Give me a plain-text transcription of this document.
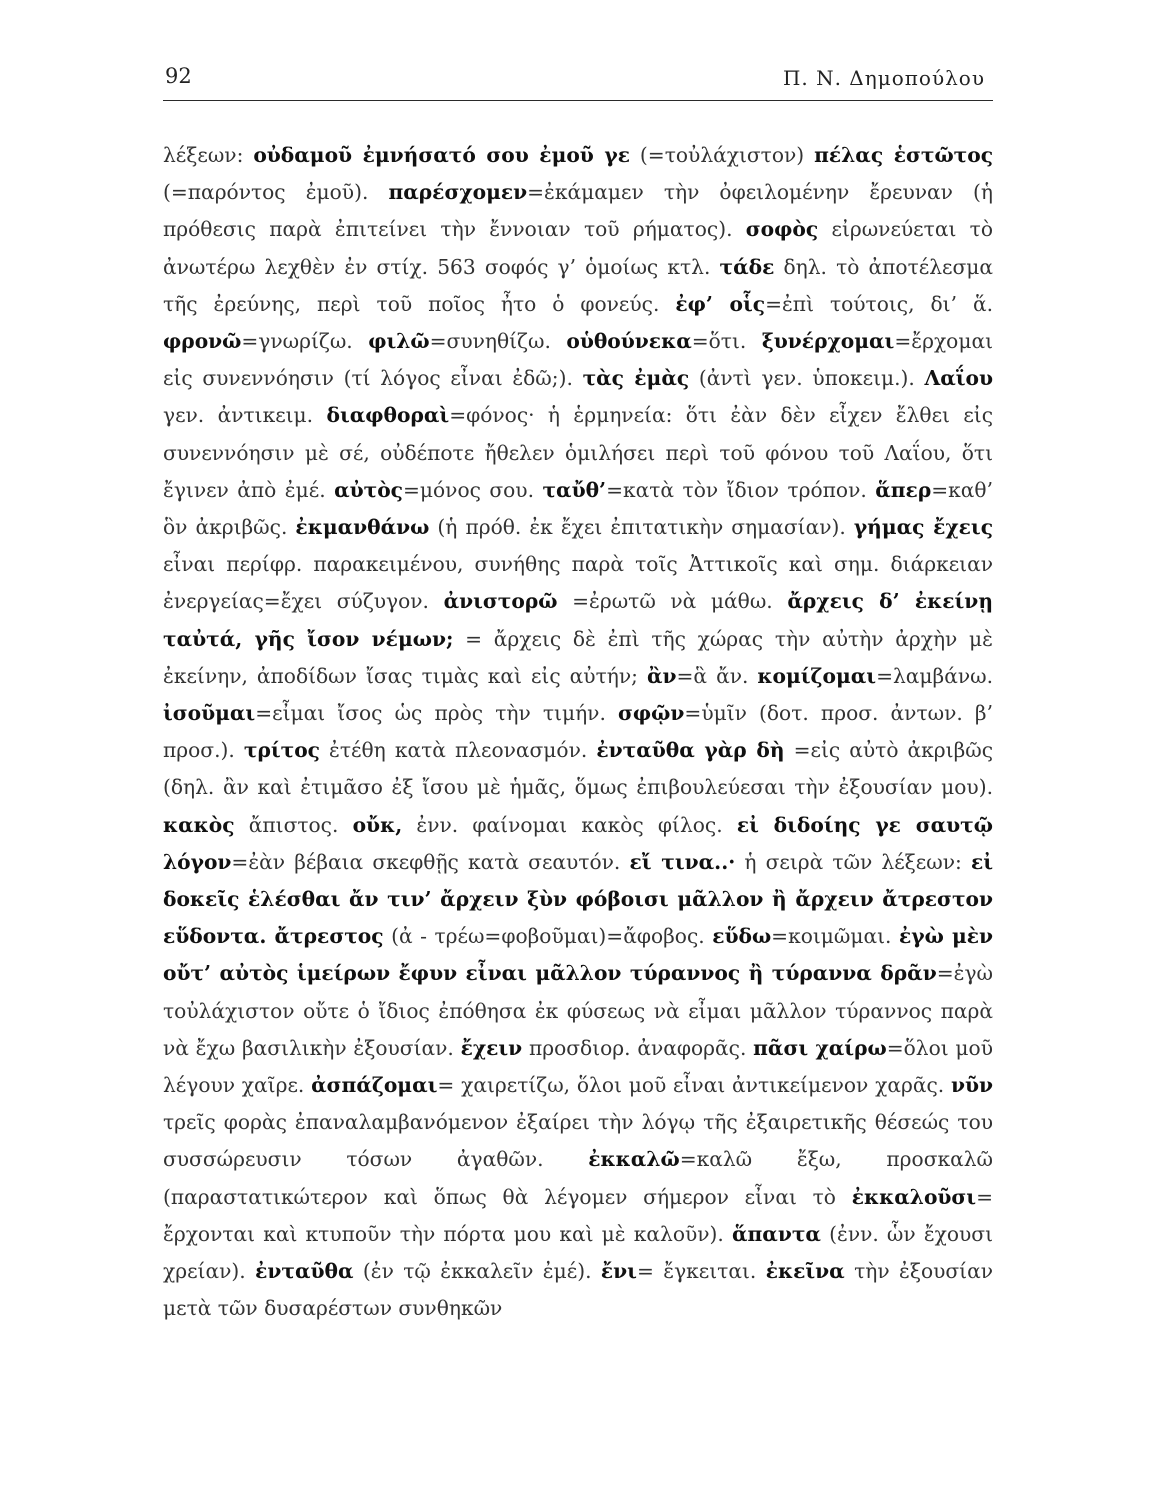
92	Π. Ν. Δημοπούλου
λέξεων: οὐδαμοῦ ἐμνήσατό σου ἐμοῦ γε (=τοὐλάχιστον) πέλας ἑστῶτος (=παρόντος ἐμοῦ). παρέσχομεν=ἐκάμαμεν τὴν ὀφειλομένην ἔρευναν (ἡ πρόθεσις παρὰ ἐπιτείνει τὴν ἔννοιαν τοῦ ρήματος). σοφὸς εἰρωνεύεται τὸ ἀνωτέρω λεχθὲν ἐν στίχ. 563 σοφός γ’ ὁμοίως κτλ. τάδε δηλ. τὸ ἀποτέλεσμα τῆς ἐρεύνης, περὶ τοῦ ποῖος ἦτο ὁ φονεύς. ἐφ’ οἷς=ἐπὶ τούτοις, δι’ ἅ. φρονῶ=γνωρίζω. φιλῶ=συνηθίζω. οὑθούνεκα=ὅτι. ξυνέρχομαι=ἔρχομαι εἰς συνεννόησιν (τί λόγος εἶναι ἐδῶ;). τὰς ἐμὰς (ἀντὶ γεν. ὑποκειμ.). Λαΐου γεν. ἀντικειμ. διαφθοραὶ=φόνος· ἡ ἑρμηνεία: ὅτι ἐὰν δὲν εἶχεν ἔλθει εἰς συνεννόησιν μὲ σέ, οὐδέποτε ἤθελεν ὁμιλήσει περὶ τοῦ φόνου τοῦ Λαΐου, ὅτι ἔγινεν ἀπὸ ἐμέ. αὐτὸς=μόνος σου. ταὔθ’=κατὰ τὸν ἴδιον τρόπον. ἅπερ=καθ’ ὃν ἀκριβῶς. ἐκμανθάνω (ἡ πρόθ. ἐκ ἔχει ἐπιτατικὴν σημασίαν). γήμας ἔχεις εἶναι περίφρ. παρακειμένου, συνήθης παρὰ τοῖς Ἀττικοῖς καὶ σημ. διάρκειαν ἐνεργείας=ἔχει σύζυγον. ἀνιστορῶ =ἐρωτῶ νὰ μάθω. ἄρχεις δ’ ἐκείνῃ ταὐτά, γῆς ἴσον νέμων; = ἄρχεις δὲ ἐπὶ τῆς χώρας τὴν αὐτὴν ἀρχὴν μὲ ἐκείνην, ἀποδίδων ἴσας τιμὰς καὶ εἰς αὐτήν; ἂν=ἃ ἄν. κομίζομαι=λαμβάνω. ἰσοῦμαι=εἶμαι ἴσος ὡς πρὸς τὴν τιμήν. σφῷν=ὑμῖν (δοτ. προσ. ἀντων. β’ προσ.). τρίτος ἐτέθη κατὰ πλεονασμόν. ἐνταῦθα γὰρ δὴ =εἰς αὐτὸ ἀκριβῶς (δηλ. ἂν καὶ ἐτιμᾶσο ἐξ ἴσου μὲ ἡμᾶς, ὅμως ἐπιβουλεύεσαι τὴν ἐξουσίαν μου). κακὸς ἄπιστος. οὔκ, ἐνν. φαίνομαι κακὸς φίλος. εἰ διδοίης γε σαυτῷ λόγον=ἐὰν βέβαια σκεφθῇς κατὰ σεαυτόν. εἴ τινα..· ἡ σειρὰ τῶν λέξεων: εἰ δοκεῖς ἑλέσθαι ἄν τιν’ ἄρχειν ξὺν φόβοισι μᾶλλον ἢ ἄρχειν ἄτρεστον εὕδοντα. ἄτρεστος (ἀ - τρέω=φοβοῦμαι)=ἄφοβος. εὕδω=κοιμῶμαι. ἐγὼ μὲν οὔτ’ αὐτὸς ἱμείρων ἔφυν εἶναι μᾶλλον τύραννος ἢ τύραννα δρᾶν=ἐγὼ τοὐλάχιστον οὔτε ὁ ἴδιος ἐπόθησα ἐκ φύσεως νὰ εἶμαι μᾶλλον τύραννος παρὰ νὰ ἔχω βασιλικὴν ἐξουσίαν. ἔχειν προσδιορ. ἀναφορᾶς. πᾶσι χαίρω=ὅλοι μοῦ λέγουν χαῖρε. ἀσπάζομαι= χαιρετίζω, ὅλοι μοῦ εἶναι ἀντικείμενον χαρᾶς. νῦν τρεῖς φορὰς ἐπαναλαμβανόμενον ἐξαίρει τὴν λόγῳ τῆς ἐξαιρετικῆς θέσεώς του συσσώρευσιν τόσων ἀγαθῶν. ἐκκαλῶ=καλῶ ἔξω, προσκαλῶ (παραστατικώτερον καὶ ὅπως θὰ λέγομεν σήμερον εἶναι τὸ ἐκκαλοῦσι= ἔρχονται καὶ κτυποῦν τὴν πόρτα μου καὶ μὲ καλοῦν). ἅπαντα (ἐνν. ὧν ἔχουσι χρείαν). ἐνταῦθα (ἐν τῷ ἐκκαλεῖν ἐμέ). ἔνι= ἔγκειται. ἐκεῖνα τὴν ἐξουσίαν μετὰ τῶν δυσαρέστων συνθηκῶν
